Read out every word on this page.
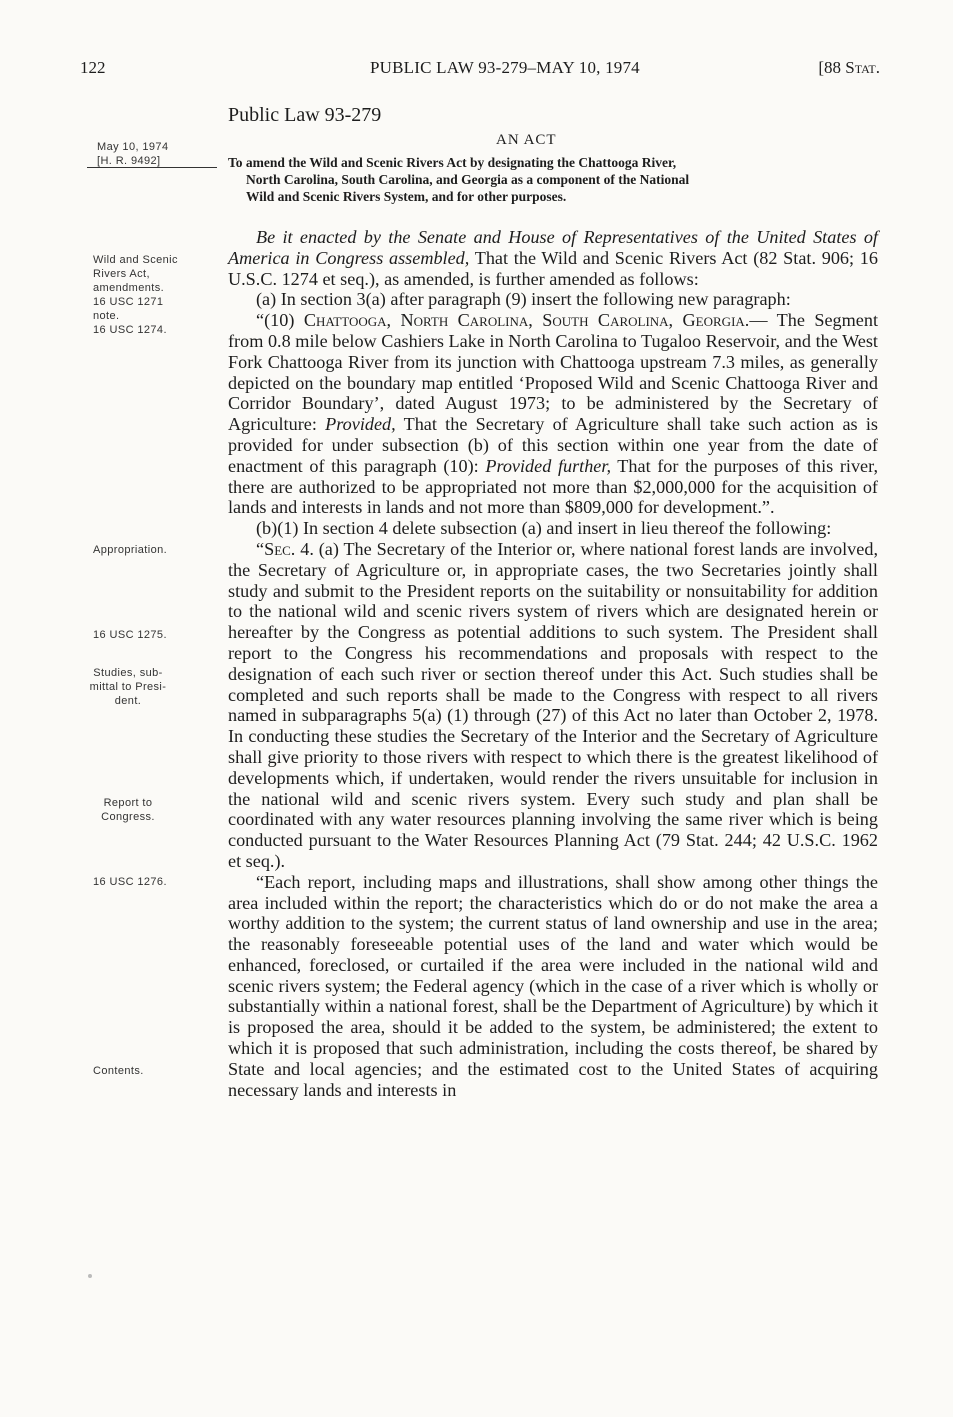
122	PUBLIC LAW 93-279–MAY 10, 1974	[88 Stat.
May 10, 1974
[H. R. 9492]
Wild and Scenic
Rivers Act,
amendments.
16 USC 1271
note.
16 USC 1274.
Appropriation.
16 USC 1275.
Studies, sub-
mittal to Presi-
dent.
Report to
Congress.
16 USC 1276.
Contents.
Public Law 93-279
AN ACT
To amend the Wild and Scenic Rivers Act by designating the Chattooga River,
North Carolina, South Carolina, and Georgia as a component of the National
Wild and Scenic Rivers System, and for other purposes.

Be it enacted by the Senate and House of Representatives of the United States of America in Congress assembled, That the Wild and Scenic Rivers Act (82 Stat. 906; 16 U.S.C. 1274 et seq.), as amended, is further amended as follows:

(a) In section 3(a) after paragraph (9) insert the following new paragraph:

“(10) Chattooga, North Carolina, South Carolina, Georgia.— The Segment from 0.8 mile below Cashiers Lake in North Carolina to Tugaloo Reservoir, and the West Fork Chattooga River from its junction with Chattooga upstream 7.3 miles, as generally depicted on the boundary map entitled ‘Proposed Wild and Scenic Chattooga River and Corridor Boundary’, dated August 1973; to be administered by the Secretary of Agriculture: Provided, That the Secretary of Agriculture shall take such action as is provided for under subsection (b) of this section within one year from the date of enactment of this paragraph (10): Provided further, That for the purposes of this river, there are authorized to be appropriated not more than $2,000,000 for the acquisition of lands and interests in lands and not more than $809,000 for development.”.

(b)(1) In section 4 delete subsection (a) and insert in lieu thereof the following:

“Sec. 4. (a) The Secretary of the Interior or, where national forest lands are involved, the Secretary of Agriculture or, in appropriate cases, the two Secretaries jointly shall study and submit to the President reports on the suitability or nonsuitability for addition to the national wild and scenic rivers system of rivers which are designated herein or hereafter by the Congress as potential additions to such system. The President shall report to the Congress his recommendations and proposals with respect to the designation of each such river or section thereof under this Act. Such studies shall be completed and such reports shall be made to the Congress with respect to all rivers named in subparagraphs 5(a) (1) through (27) of this Act no later than October 2, 1978. In conducting these studies the Secretary of the Interior and the Secretary of Agriculture shall give priority to those rivers with respect to which there is the greatest likelihood of developments which, if undertaken, would render the rivers unsuitable for inclusion in the national wild and scenic rivers system. Every such study and plan shall be coordinated with any water resources planning involving the same river which is being conducted pursuant to the Water Resources Planning Act (79 Stat. 244; 42 U.S.C. 1962 et seq.).

“Each report, including maps and illustrations, shall show among other things the area included within the report; the characteristics which do or do not make the area a worthy addition to the system; the current status of land ownership and use in the area; the reasonably foreseeable potential uses of the land and water which would be enhanced, foreclosed, or curtailed if the area were included in the national wild and scenic rivers system; the Federal agency (which in the case of a river which is wholly or substantially within a national forest, shall be the Department of Agriculture) by which it is proposed the area, should it be added to the system, be administered; the extent to which it is proposed that such administration, including the costs thereof, be shared by State and local agencies; and the estimated cost to the United States of acquiring necessary lands and interests in
